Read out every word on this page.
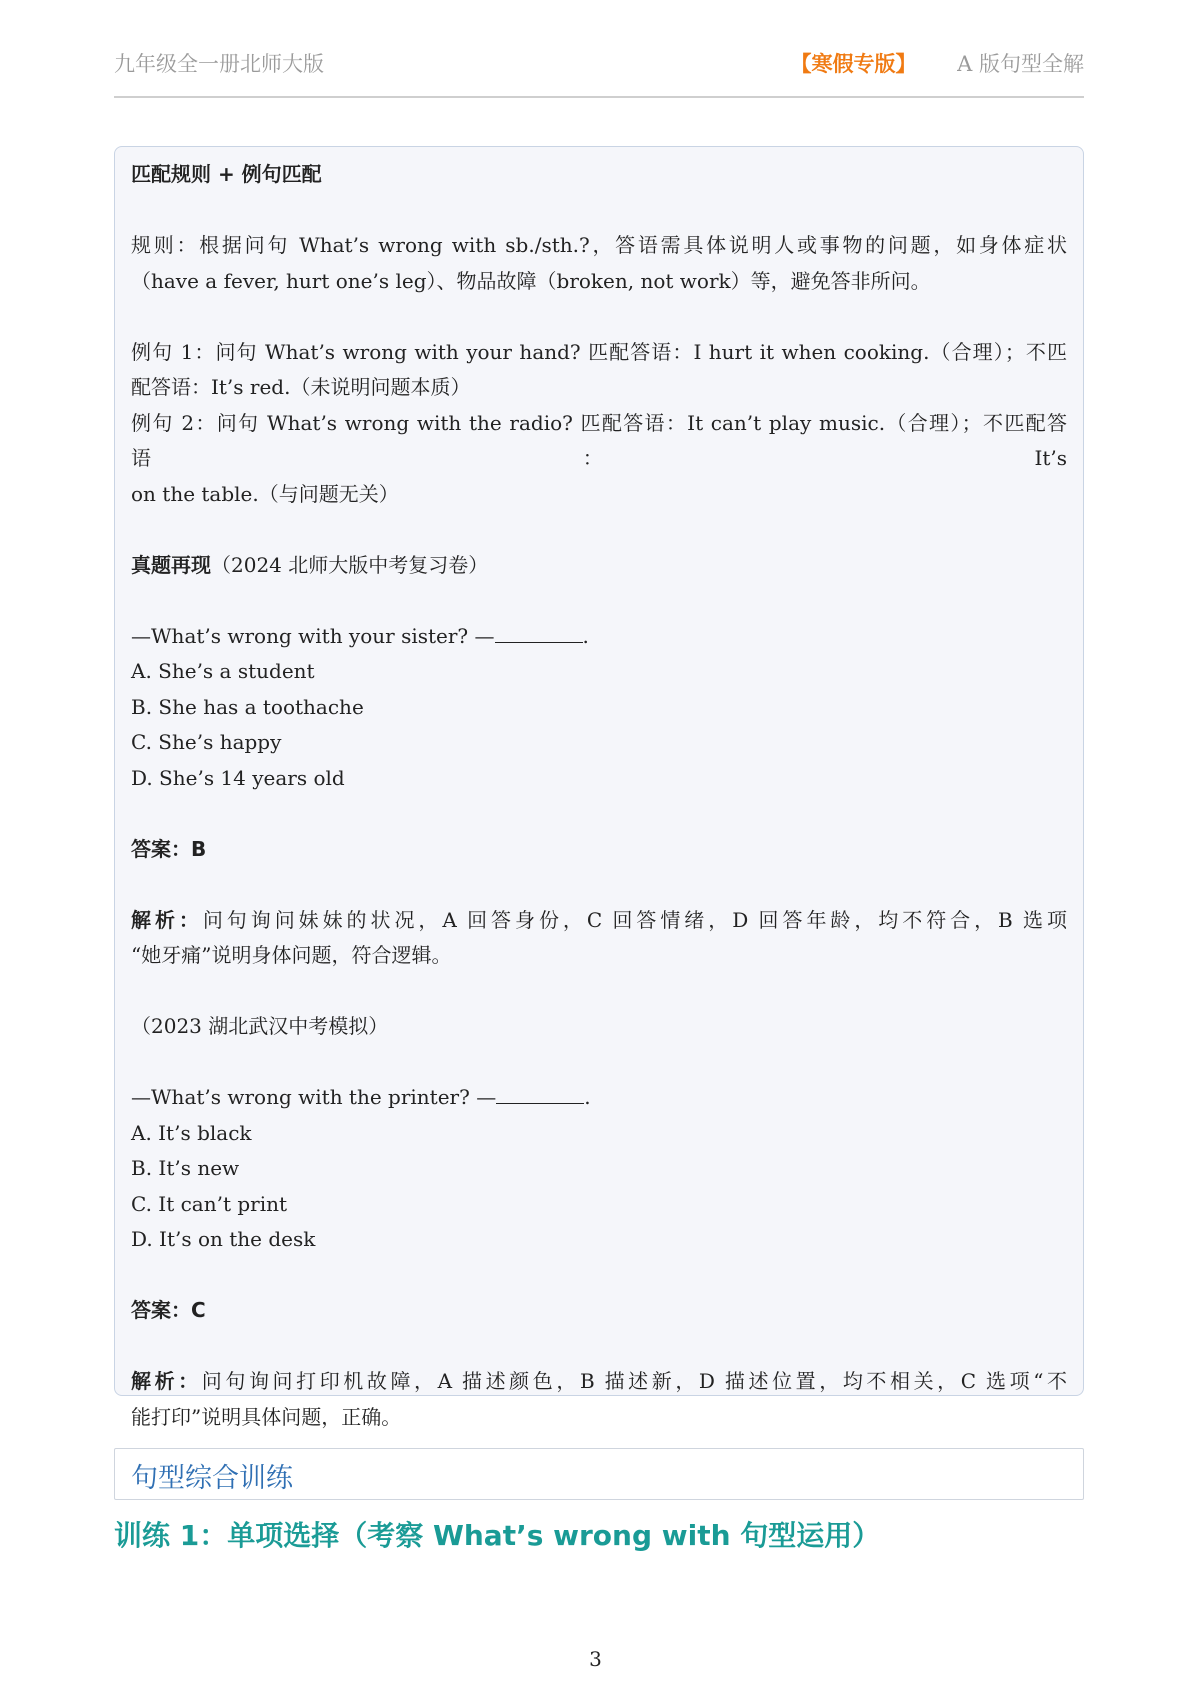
九年级全一册北师大版	【寒假专版】 A 版句型全解
匹配规则 + 例句匹配
规则：根据问句 What’s wrong with sb./sth.?，答语需具体说明人或事物的问题，如身体症状
（have a fever, hurt one’s leg）、物品故障（broken, not work）等，避免答非所问。
例句 1：问句 What’s wrong with your hand? 匹配答语：I hurt it when cooking.（合理）；不匹
配答语：It’s red.（未说明问题本质）
例句 2：问句 What’s wrong with the radio? 匹配答语：It can’t play music.（合理）；不匹配答语：It’s
on the table.（与问题无关）
真题再现（2024 北师大版中考复习卷）
—What’s wrong with your sister? —	.
A. She’s a student
B. She has a toothache
C. She’s happy
D. She’s 14 years old
答案：B
解析：问句询问妹妹的状况，A 回答身份，C 回答情绪，D 回答年龄，均不符合，B 选项
“她牙痛”说明身体问题，符合逻辑。
（2023 湖北武汉中考模拟）
—What’s wrong with the printer? —	.
A. It’s black
B. It’s new
C. It can’t print
D. It’s on the desk
答案：C
解析：问句询问打印机故障，A 描述颜色，B 描述新，D 描述位置，均不相关，C 选项“不
能打印”说明具体问题，正确。
句型综合训练
训练 1：单项选择（考察 What’s wrong with 句型运用）
3
